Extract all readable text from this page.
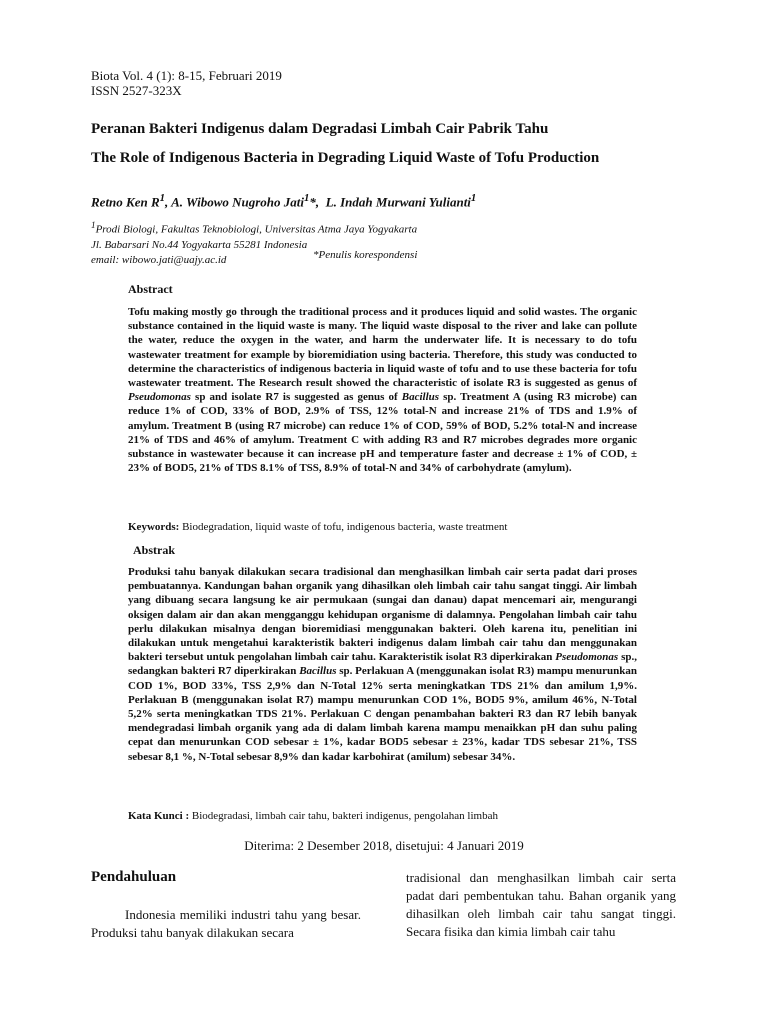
Biota Vol. 4 (1): 8-15, Februari 2019
ISSN 2527-323X
Peranan Bakteri Indigenus dalam Degradasi Limbah Cair Pabrik Tahu
The Role of Indigenous Bacteria in Degrading Liquid Waste of Tofu Production
Retno Ken $R^1$, A. Wibowo Nugroho Jati$^1$*,  L. Indah Murwani Yulianti$^1$
$^1$Prodi Biologi, Fakultas Teknobiologi, Universitas Atma Jaya Yogyakarta
Jl. Babarsari No.44 Yogyakarta 55281 Indonesia
email: wibowo.jati@uajy.ac.id	*Penulis korespondensi
Abstract
Tofu making mostly go through the traditional process and it produces liquid and solid wastes. The organic substance contained in the liquid waste is many. The liquid waste disposal to the river and lake can pollute the water, reduce the oxygen in the water, and harm the underwater life. It is necessary to do tofu wastewater treatment for example by bioremidiation using bacteria. Therefore, this study was conducted to determine the characteristics of indigenous bacteria in liquid waste of tofu and to use these bacteria for tofu wastewater treatment. The Research result showed the characteristic of isolate R3 is suggested as genus of Pseudomonas sp and isolate R7 is suggested as genus of Bacillus sp. Treatment A (using R3 microbe) can reduce 1% of COD, 33% of BOD, 2.9% of TSS, 12% total-N and increase 21% of TDS and 1.9% of amylum. Treatment B (using R7 microbe) can reduce 1% of COD, 59% of BOD, 5.2% total-N and increase 21% of TDS and 46% of amylum. Treatment C with adding R3 and R7 microbes degrades more organic substance in wastewater because it can increase pH and temperature faster and decrease ± 1% of COD, ± 23% of BOD5, 21% of TDS 8.1% of TSS, 8.9% of total-N and 34% of carbohydrate (amylum).
Keywords: Biodegradation, liquid waste of tofu, indigenous bacteria, waste treatment
Abstrak
Produksi tahu banyak dilakukan secara tradisional dan menghasilkan limbah cair serta padat dari proses pembuatannya. Kandungan bahan organik yang dihasilkan oleh limbah cair tahu sangat tinggi. Air limbah yang dibuang secara langsung ke air permukaan (sungai dan danau) dapat mencemari air, mengurangi oksigen dalam air dan akan mengganggu kehidupan organisme di dalamnya. Pengolahan limbah cair tahu perlu dilakukan misalnya dengan bioremidiasi menggunakan bakteri. Oleh karena itu, penelitian ini dilakukan untuk mengetahui karakteristik bakteri indigenus dalam limbah cair tahu dan menggunakan bakteri tersebut untuk pengolahan limbah cair tahu. Karakteristik isolat R3 diperkirakan Pseudomonas sp., sedangkan bakteri R7 diperkirakan Bacillus sp. Perlakuan A (menggunakan isolat R3) mampu menurunkan COD 1%, BOD 33%, TSS 2,9% dan N-Total 12% serta meningkatkan TDS 21% dan amilum 1,9%. Perlakuan B (menggunakan isolat R7) mampu menurunkan COD 1%, BOD5 9%, amilum 46%, N-Total 5,2% serta meningkatkan TDS 21%. Perlakuan C dengan penambahan bakteri R3 dan R7 lebih banyak mendegradasi limbah organik yang ada di dalam limbah karena mampu menaikkan pH dan suhu paling cepat dan menurunkan COD sebesar ± 1%, kadar BOD5 sebesar ± 23%, kadar TDS sebesar 21%, TSS sebesar 8,1 %, N-Total sebesar 8,9% dan kadar karbohirat (amilum) sebesar 34%.
Kata Kunci : Biodegradasi, limbah cair tahu, bakteri indigenus, pengolahan limbah
Diterima: 2 Desember 2018, disetujui: 4 Januari 2019
Pendahuluan
Indonesia memiliki industri tahu yang besar. Produksi tahu banyak dilakukan secara
tradisional dan menghasilkan limbah cair serta padat dari pembentukan tahu. Bahan organik yang dihasilkan oleh limbah cair tahu sangat tinggi. Secara fisika dan kimia limbah cair tahu
